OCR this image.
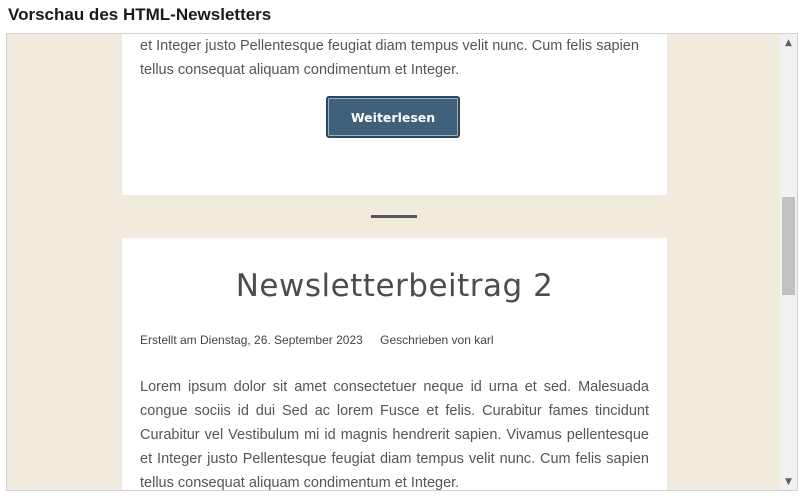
Vorschau des HTML-Newsletters

et Integer justo Pellentesque feugiat diam tempus velit nunc. Cum felis sapien
tellus consequat aliquam condimentum et Integer.

Weiterlesen
Newsletterbeitrag 2
Erstellt am Dienstag, 26. September 2023 Geschrieben von karl

Lorem ipsum dolor sit amet consectetuer neque id urna et sed. Malesuada congue sociis id dui Sed ac lorem Fusce et felis. Curabitur fames tincidunt Curabitur vel Vestibulum mi id magnis hendrerit sapien. Vivamus pellentesque et Integer justo Pellentesque feugiat diam tempus velit nunc. Cum felis sapien tellus consequat aliquam condimentum et Integer.

▲
▼
